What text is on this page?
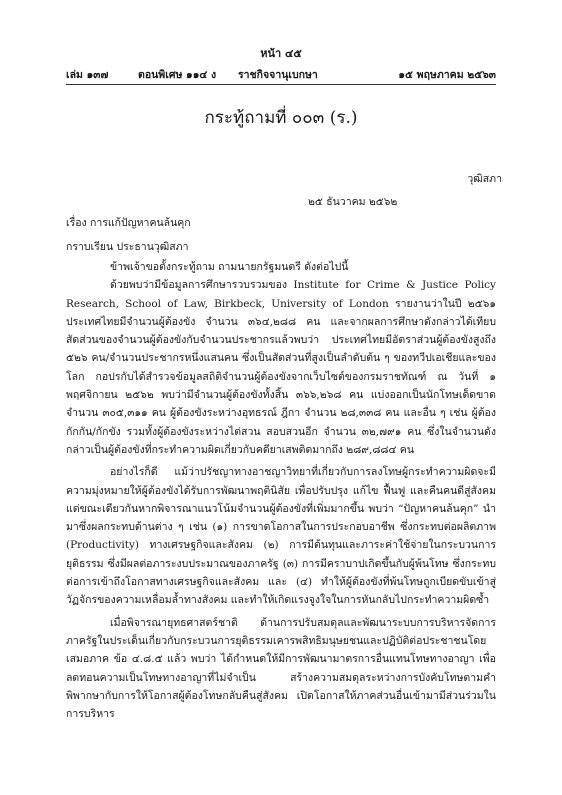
หน้า ๔๕
เล่ม ๑๓๗	ตอนพิเศษ ๑๑๔ ง ราชกิจจานุเบกษา	๑๕ พฤษภาคม ๒๕๖๓
กระทู้ถามที่ ๐๐๓ (ร.)
วุฒิสภา
๒๕ ธันวาคม ๒๕๖๒
เรื่อง การแก้ปัญหาคนล้นคุก
กราบเรียน ประธานวุฒิสภา

ข้าพเจ้าขอตั้งกระทู้ถาม ถามนายกรัฐมนตรี ดังต่อไปนี้

ด้วยพบว่ามีข้อมูลการศึกษารวบรวมของ Institute for Crime & Justice Policy Research, School of Law, Birkbeck, University of London รายงานว่าในปี ๒๕๖๑ ประเทศไทยมีจำนวนผู้ต้องขัง จำนวน ๓๖๔,๒๘๘ คน และจากผลการศึกษาดังกล่าวได้เทียบสัดส่วนของจำนวนผู้ต้องขังกับจำนวนประชากรแล้วพบว่า ประเทศไทยมีอัตราส่วนผู้ต้องขังสูงถึง ๕๒๖ คน/จำนวนประชากรหนึ่งแสนคน ซึ่งเป็นสัดส่วนที่สูงเป็นลำดับต้น ๆ ของทวีปเอเชียและของโลก กอปรกับได้สำรวจข้อมูลสถิติจำนวนผู้ต้องขังจากเว็บไซต์ของกรมราชทัณฑ์ ณ วันที่ ๑ พฤศจิกายน ๒๕๖๒ พบว่ามีจำนวนผู้ต้องขังทั้งสิ้น ๓๖๖,๒๖๘ คน แบ่งออกเป็นนักโทษเด็ดขาด จำนวน ๓๐๕,๓๑๑ คน ผู้ต้องขังระหว่างอุทธรณ์ ฎีกา จำนวน ๒๘,๓๓๘ คน และอื่น ๆ เช่น ผู้ต้องกักกัน/กักขัง รวมทั้งผู้ต้องขังระหว่างไต่สวน สอบสวนอีก จำนวน ๓๒,๗๙๑ คน ซึ่งในจำนวนดังกล่าวเป็นผู้ต้องขังที่กระทำความผิดเกี่ยวกับคดียาเสพติดมากถึง ๒๘๙,๘๘๔ คน

อย่างไรก็ดี แม้ว่าปรัชญาทางอาชญาวิทยาที่เกี่ยวกับการลงโทษผู้กระทำความผิดจะมีความมุ่งหมายให้ผู้ต้องขังได้รับการพัฒนาพฤตินิสัย เพื่อปรับปรุง แก้ไข ฟื้นฟู และคืนคนดีสู่สังคม แต่ขณะเดียวกันหากพิจารณาแนวโน้มจำนวนผู้ต้องขังที่เพิ่มมากขึ้น พบว่า “ปัญหาคนล้นคุก” นำมาซึ่งผลกระทบด้านต่าง ๆ เช่น (๑) การขาดโอกาสในการประกอบอาชีพ ซึ่งกระทบต่อผลิตภาพ (Productivity) ทางเศรษฐกิจและสังคม (๒) การมีต้นทุนและภาระค่าใช้จ่ายในกระบวนการยุติธรรม ซึ่งมีผลต่อภาระงบประมาณของภาครัฐ (๓) การมีคราบาปเกิดขึ้นกับผู้พ้นโทษ ซึ่งกระทบต่อการเข้าถึงโอกาสทางเศรษฐกิจและสังคม และ (๔) ทำให้ผู้ต้องขังที่พ้นโทษถูกเบียดขับเข้าสู่วัฏจักรของความเหลื่อมล้ำทางสังคม และทำให้เกิดแรงจูงใจในการหันกลับไปกระทำความผิดซ้ำ

เมื่อพิจารณายุทธศาสตร์ชาติ ด้านการปรับสมดุลและพัฒนาระบบการบริหารจัดการภาครัฐในประเด็นเกี่ยวกับกระบวนการยุติธรรมเคารพสิทธิมนุษยชนและปฏิบัติต่อประชาชนโดยเสมอภาค ข้อ ๔.๘.๕ แล้ว พบว่า ได้กำหนดให้มีการพัฒนามาตรการอื่นแทนโทษทางอาญา เพื่อลดทอนความเป็นโทษทางอาญาที่ไม่จำเป็น สร้างความสมดุลระหว่างการบังคับโทษตามคำพิพากษากับการให้โอกาสผู้ต้องโทษกลับคืนสู่สังคม เปิดโอกาสให้ภาคส่วนอื่นเข้ามามีส่วนร่วมในการบริหาร
